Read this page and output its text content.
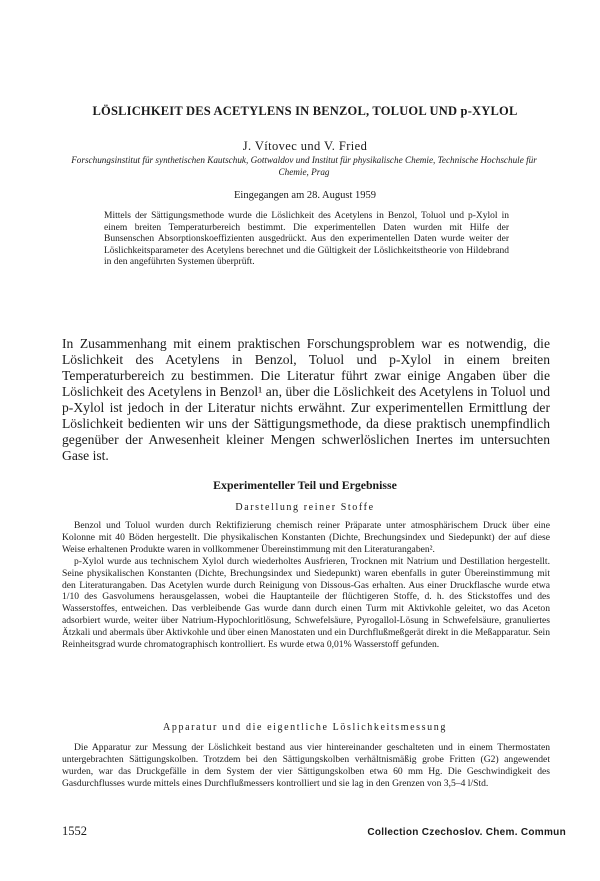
LÖSLICHKEIT DES ACETYLENS IN BENZOL, TOLUOL UND p-XYLOL
J. Vítovec und V. Fried
Forschungsinstitut für synthetischen Kautschuk, Gottwaldov und Institut für physikalische Chemie, Technische Hochschule für Chemie, Prag
Eingegangen am 28. August 1959
Mittels der Sättigungsmethode wurde die Löslichkeit des Acetylens in Benzol, Toluol und p-Xylol in einem breiten Temperaturbereich bestimmt. Die experimentellen Daten wurden mit Hilfe der Bunsenschen Absorptionskoeffizienten ausgedrückt. Aus den experimentellen Daten wurde weiter der Löslichkeitsparameter des Acetylens berechnet und die Gültigkeit der Löslichkeitstheorie von Hildebrand in den angeführten Systemen überprüft.
In Zusammenhang mit einem praktischen Forschungsproblem war es notwendig, die Löslichkeit des Acetylens in Benzol, Toluol und p-Xylol in einem breiten Temperaturbereich zu bestimmen. Die Literatur führt zwar einige Angaben über die Löslichkeit des Acetylens in Benzol¹ an, über die Löslichkeit des Acetylens in Toluol und p-Xylol ist jedoch in der Literatur nichts erwähnt. Zur experimentellen Ermittlung der Löslichkeit bedienten wir uns der Sättigungsmethode, da diese praktisch unempfindlich gegenüber der Anwesenheit kleiner Mengen schwerlöslichen Inertes im untersuchten Gase ist.
Experimenteller Teil und Ergebnisse
Darstellung reiner Stoffe

Benzol und Toluol wurden durch Rektifizierung chemisch reiner Präparate unter atmosphärischem Druck über eine Kolonne mit 40 Böden hergestellt. Die physikalischen Konstanten (Dichte, Brechungsindex und Siedepunkt) der auf diese Weise erhaltenen Produkte waren in vollkommener Übereinstimmung mit den Literaturangaben².

p-Xylol wurde aus technischem Xylol durch wiederholtes Ausfrieren, Trocknen mit Natrium und Destillation hergestellt. Seine physikalischen Konstanten (Dichte, Brechungsindex und Siedepunkt) waren ebenfalls in guter Übereinstimmung mit den Literaturangaben. Das Acetylen wurde durch Reinigung von Dissous-Gas erhalten. Aus einer Druckflasche wurde etwa 1/10 des Gasvolumens herausgelassen, wobei die Hauptanteile der flüchtigeren Stoffe, d. h. des Stickstoffes und des Wasserstoffes, entweichen. Das verbleibende Gas wurde dann durch einen Turm mit Aktivkohle geleitet, wo das Aceton adsorbiert wurde, weiter über Natrium-Hypochloritlösung, Schwefelsäure, Pyrogallol-Lösung in Schwefelsäure, granuliertes Ätzkali und abermals über Aktivkohle und über einen Manostaten und ein Durchflußmeßgerät direkt in die Meßapparatur. Sein Reinheitsgrad wurde chromatographisch kontrolliert. Es wurde etwa 0,01% Wasserstoff gefunden.

Apparatur und die eigentliche Löslichkeitsmessung

Die Apparatur zur Messung der Löslichkeit bestand aus vier hintereinander geschalteten und in einem Thermostaten untergebrachten Sättigungskolben. Trotzdem bei den Sättigungskolben verhältnismäßig grobe Fritten (G2) angewendet wurden, war das Druckgefälle in dem System der vier Sättigungskolben etwa 60 mm Hg. Die Geschwindigkeit des Gasdurchflusses wurde mittels eines Durchflußmessers kontrolliert und sie lag in den Grenzen von 3,5–4 l/Std.

1552	Collection Czechoslov. Chem. Commun
